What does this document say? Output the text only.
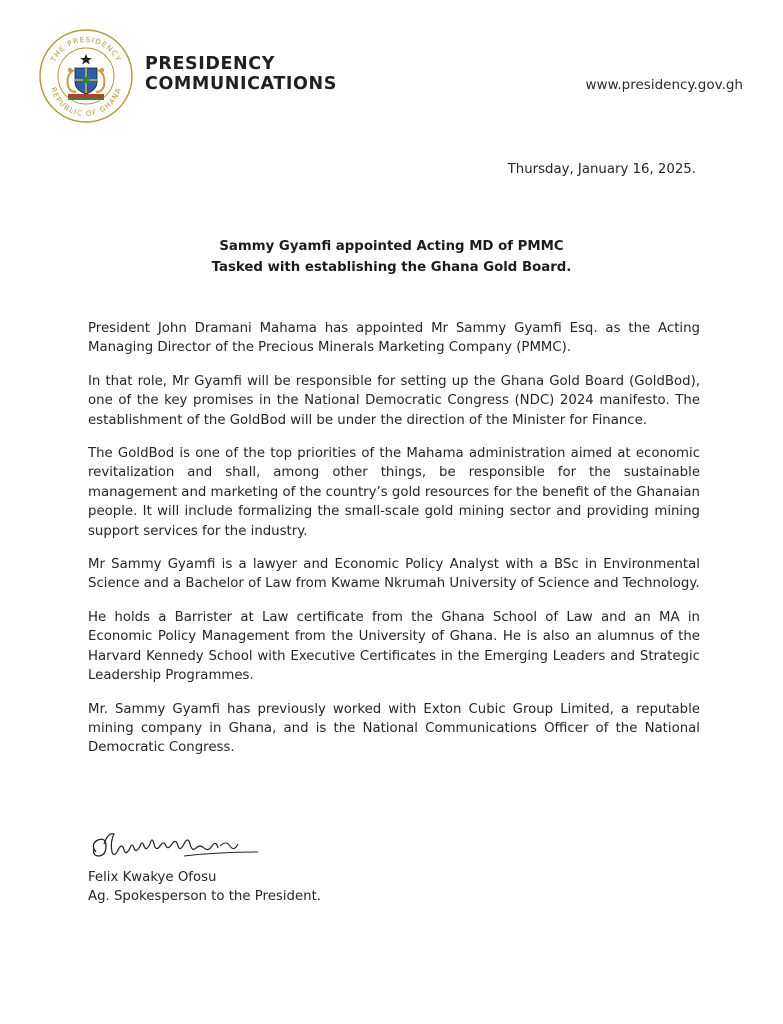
THE PRESIDENCY
REPUBLIC OF GHANA
PRESIDENCY
COMMUNICATIONS	www.presidency.gov.gh
Thursday, January 16, 2025.
Sammy Gyamfi appointed Acting MD of PMMC
Tasked with establishing the Ghana Gold Board.

President John Dramani Mahama has appointed Mr Sammy Gyamfi Esq. as the Acting Managing Director of the Precious Minerals Marketing Company (PMMC).

In that role, Mr Gyamfi will be responsible for setting up the Ghana Gold Board (GoldBod), one of the key promises in the National Democratic Congress (NDC) 2024 manifesto. The establishment of the GoldBod will be under the direction of the Minister for Finance.

The GoldBod is one of the top priorities of the Mahama administration aimed at economic revitalization and shall, among other things, be responsible for the sustainable management and marketing of the country’s gold resources for the benefit of the Ghanaian people. It will include formalizing the small-scale gold mining sector and providing mining support services for the industry.

Mr Sammy Gyamfi is a lawyer and Economic Policy Analyst with a BSc in Environmental Science and a Bachelor of Law from Kwame Nkrumah University of Science and Technology.

He holds a Barrister at Law certificate from the Ghana School of Law and an MA in Economic Policy Management from the University of Ghana. He is also an alumnus of the Harvard Kennedy School with Executive Certificates in the Emerging Leaders and Strategic Leadership Programmes.

Mr. Sammy Gyamfi has previously worked with Exton Cubic Group Limited, a reputable mining company in Ghana, and is the National Communications Officer of the National Democratic Congress.

Felix Kwakye Ofosu
Ag. Spokesperson to the President.
